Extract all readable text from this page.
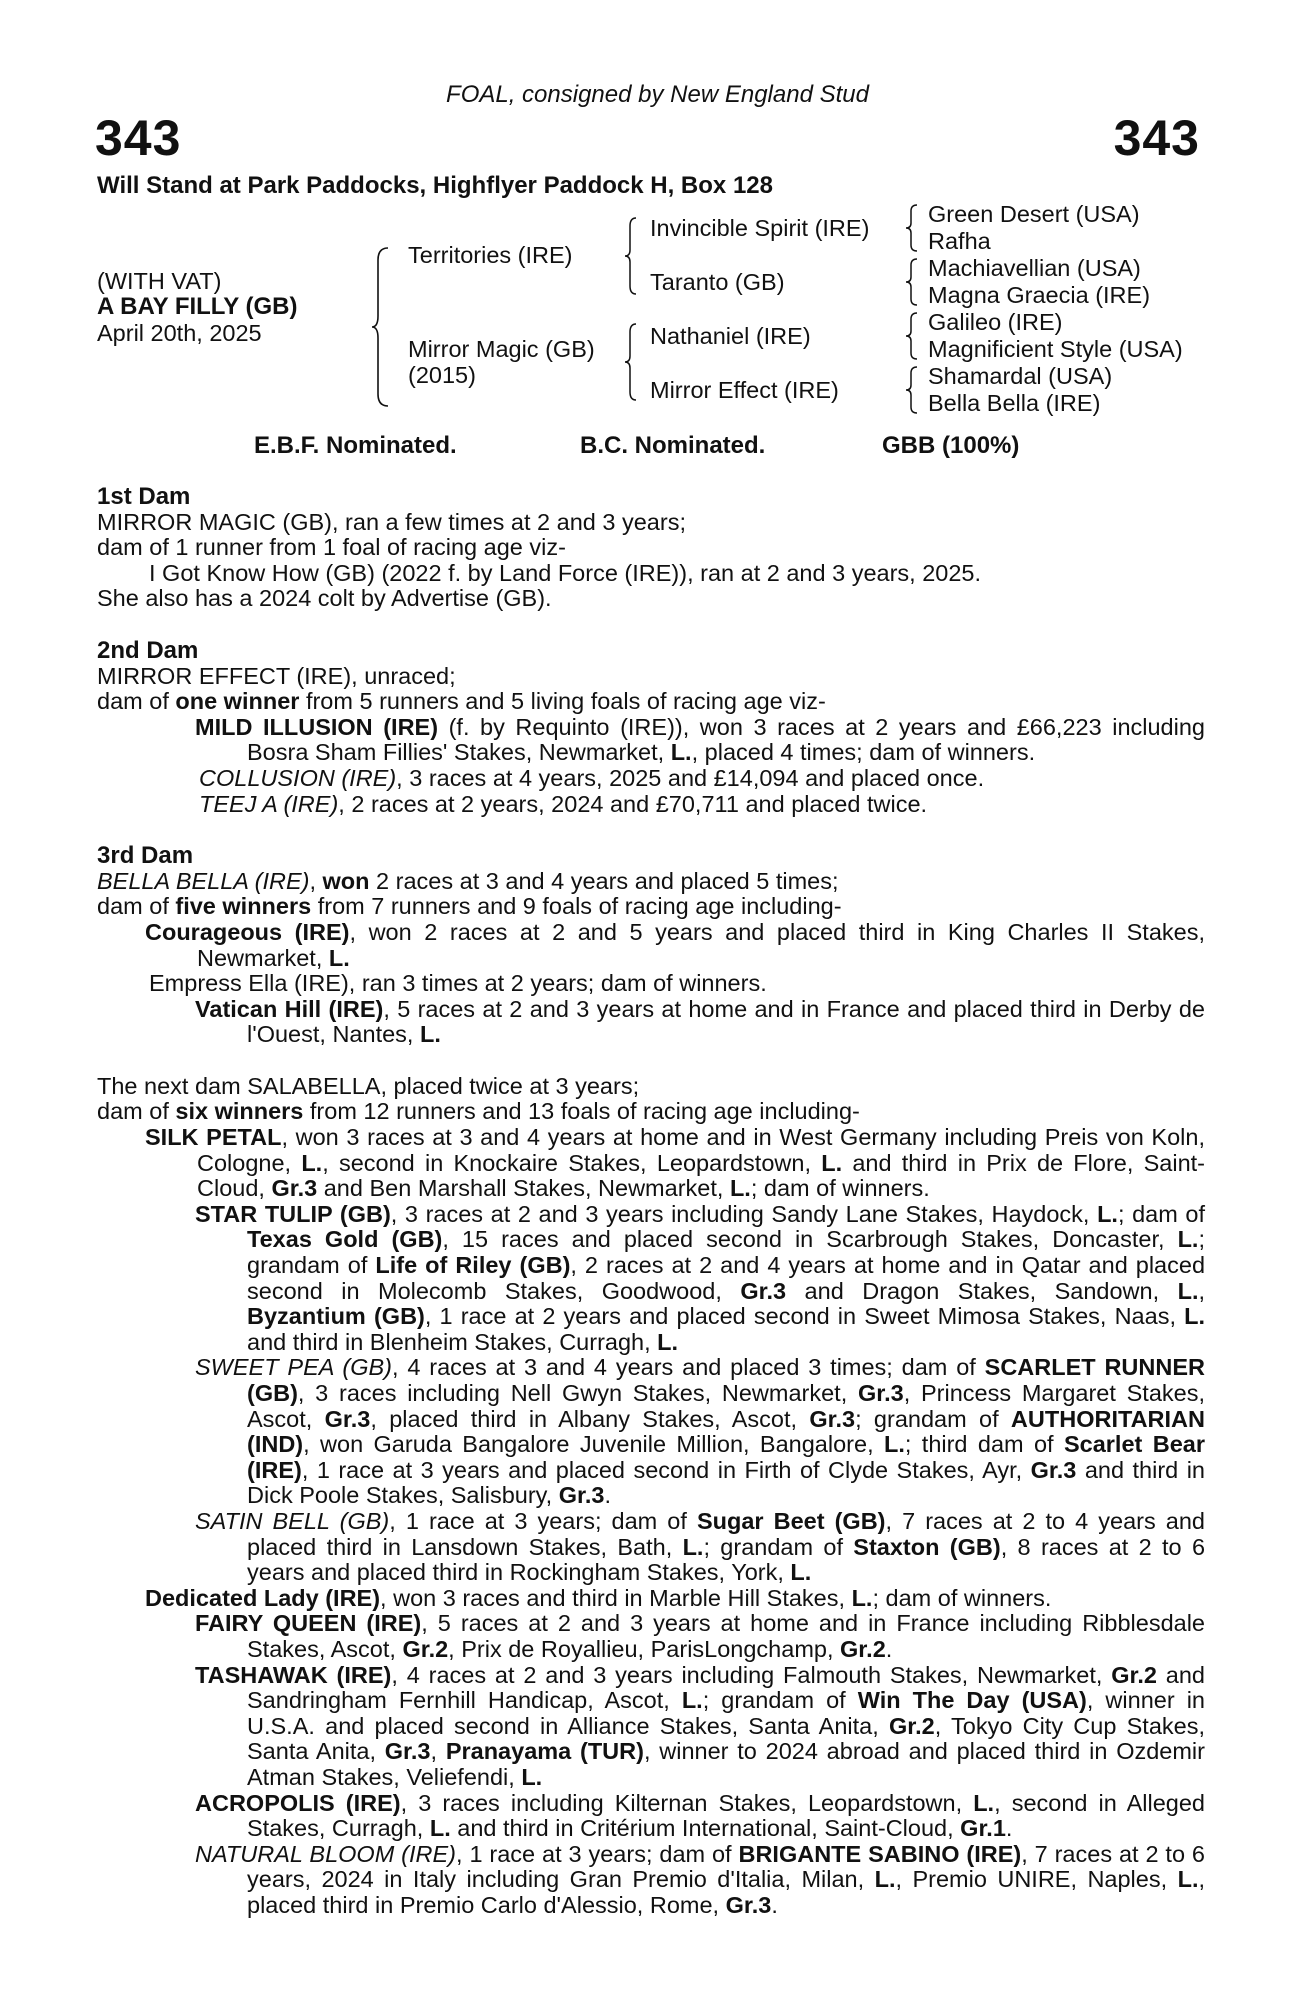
FOAL, consigned by New England Stud
343	343
Will Stand at Park Paddocks, Highflyer Paddock H, Box 128
(WITH VAT)
A BAY FILLY (GB)
April 20th, 2025
Territories (IRE)
Mirror Magic (GB)
(2015)
Invincible Spirit (IRE)
Taranto (GB)
Nathaniel (IRE)
Mirror Effect (IRE)
Green Desert (USA)
Rafha
Machiavellian (USA)
Magna Graecia (IRE)
Galileo (IRE)
Magnificient Style (USA)
Shamardal (USA)
Bella Bella (IRE)
E.B.F. Nominated.	B.C. Nominated.	GBB (100%)
1st Dam
MIRROR MAGIC (GB), ran a few times at 2 and 3 years;
dam of 1 runner from 1 foal of racing age viz-
I Got Know How (GB) (2022 f. by Land Force (IRE)), ran at 2 and 3 years, 2025.
She also has a 2024 colt by Advertise (GB).
2nd Dam
MIRROR EFFECT (IRE), unraced;
dam of one winner from 5 runners and 5 living foals of racing age viz-
MILD ILLUSION (IRE) (f. by Requinto (IRE)), won 3 races at 2 years and £66,223 including Bosra Sham Fillies' Stakes, Newmarket, L., placed 4 times; dam of winners.
COLLUSION (IRE), 3 races at 4 years, 2025 and £14,094 and placed once.
TEEJ A (IRE), 2 races at 2 years, 2024 and £70,711 and placed twice.
3rd Dam
BELLA BELLA (IRE), won 2 races at 3 and 4 years and placed 5 times;
dam of five winners from 7 runners and 9 foals of racing age including-
Courageous (IRE), won 2 races at 2 and 5 years and placed third in King Charles II Stakes, Newmarket, L.
Empress Ella (IRE), ran 3 times at 2 years; dam of winners.
Vatican Hill (IRE), 5 races at 2 and 3 years at home and in France and placed third in Derby de l'Ouest, Nantes, L.
The next dam SALABELLA, placed twice at 3 years;
dam of six winners from 12 runners and 13 foals of racing age including-
SILK PETAL, won 3 races at 3 and 4 years at home and in West Germany including Preis von Koln, Cologne, L., second in Knockaire Stakes, Leopardstown, L. and third in Prix de Flore, Saint-Cloud, Gr.3 and Ben Marshall Stakes, Newmarket, L.; dam of winners.
STAR TULIP (GB), 3 races at 2 and 3 years including Sandy Lane Stakes, Haydock, L.; dam of Texas Gold (GB), 15 races and placed second in Scarbrough Stakes, Doncaster, L.; grandam of Life of Riley (GB), 2 races at 2 and 4 years at home and in Qatar and placed second in Molecomb Stakes, Goodwood, Gr.3 and Dragon Stakes, Sandown, L., Byzantium (GB), 1 race at 2 years and placed second in Sweet Mimosa Stakes, Naas, L. and third in Blenheim Stakes, Curragh, L.
SWEET PEA (GB), 4 races at 3 and 4 years and placed 3 times; dam of SCARLET RUNNER (GB), 3 races including Nell Gwyn Stakes, Newmarket, Gr.3, Princess Margaret Stakes, Ascot, Gr.3, placed third in Albany Stakes, Ascot, Gr.3; grandam of AUTHORITARIAN (IND), won Garuda Bangalore Juvenile Million, Bangalore, L.; third dam of Scarlet Bear (IRE), 1 race at 3 years and placed second in Firth of Clyde Stakes, Ayr, Gr.3 and third in Dick Poole Stakes, Salisbury, Gr.3.
SATIN BELL (GB), 1 race at 3 years; dam of Sugar Beet (GB), 7 races at 2 to 4 years and placed third in Lansdown Stakes, Bath, L.; grandam of Staxton (GB), 8 races at 2 to 6 years and placed third in Rockingham Stakes, York, L.
Dedicated Lady (IRE), won 3 races and third in Marble Hill Stakes, L.; dam of winners.
FAIRY QUEEN (IRE), 5 races at 2 and 3 years at home and in France including Ribblesdale Stakes, Ascot, Gr.2, Prix de Royallieu, ParisLongchamp, Gr.2.
TASHAWAK (IRE), 4 races at 2 and 3 years including Falmouth Stakes, Newmarket, Gr.2 and Sandringham Fernhill Handicap, Ascot, L.; grandam of Win The Day (USA), winner in U.S.A. and placed second in Alliance Stakes, Santa Anita, Gr.2, Tokyo City Cup Stakes, Santa Anita, Gr.3, Pranayama (TUR), winner to 2024 abroad and placed third in Ozdemir Atman Stakes, Veliefendi, L.
ACROPOLIS (IRE), 3 races including Kilternan Stakes, Leopardstown, L., second in Alleged Stakes, Curragh, L. and third in Critérium International, Saint-Cloud, Gr.1.
NATURAL BLOOM (IRE), 1 race at 3 years; dam of BRIGANTE SABINO (IRE), 7 races at 2 to 6 years, 2024 in Italy including Gran Premio d'Italia, Milan, L., Premio UNIRE, Naples, L., placed third in Premio Carlo d'Alessio, Rome, Gr.3.
